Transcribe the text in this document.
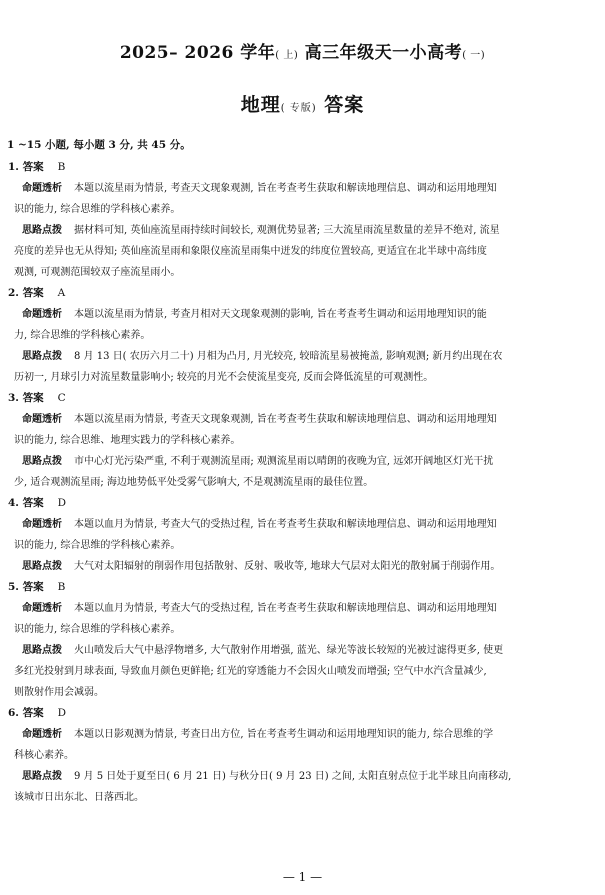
2025– 2026 学年( 上) 高三年级天一小高考( 一)
地理( 专版) 答案
1 ~15 小题, 每小题 3 分, 共 45 分。
1. 答案 B

命题透析 本题以流星雨为情景, 考查天文现象观测, 旨在考查考生获取和解读地理信息、调动和运用地理知

识的能力, 综合思维的学科核心素养。

思路点拨 据材料可知, 英仙座流星雨持续时间较长, 观测优势显著; 三大流星雨流星数量的差异不绝对, 流星

亮度的差异也无从得知; 英仙座流星雨和象限仪座流星雨集中迸发的纬度位置较高, 更适宜在北半球中高纬度

观测, 可观测范围较双子座流星雨小。

2. 答案 A

命题透析 本题以流星雨为情景, 考查月相对天文现象观测的影响, 旨在考查考生调动和运用地理知识的能

力, 综合思维的学科核心素养。

思路点拨 8 月 13 日( 农历六月二十) 月相为凸月, 月光较亮, 较暗流星易被掩盖, 影响观测; 新月约出现在农

历初一, 月球引力对流星数量影响小; 较亮的月光不会使流星变亮, 反而会降低流星的可观测性。

3. 答案 C

命题透析 本题以流星雨为情景, 考查天文现象观测, 旨在考查考生获取和解读地理信息、调动和运用地理知

识的能力, 综合思维、地理实践力的学科核心素养。

思路点拨 市中心灯光污染严重, 不利于观测流星雨; 观测流星雨以晴朗的夜晚为宜, 远郊开阔地区灯光干扰

少, 适合观测流星雨; 海边地势低平处受雾气影响大, 不是观测流星雨的最佳位置。

4. 答案 D

命题透析 本题以血月为情景, 考查大气的受热过程, 旨在考查考生获取和解读地理信息、调动和运用地理知

识的能力, 综合思维的学科核心素养。

思路点拨 大气对太阳辐射的削弱作用包括散射、反射、吸收等, 地球大气层对太阳光的散射属于削弱作用。

5. 答案 B

命题透析 本题以血月为情景, 考查大气的受热过程, 旨在考查考生获取和解读地理信息、调动和运用地理知

识的能力, 综合思维的学科核心素养。

思路点拨 火山喷发后大气中悬浮物增多, 大气散射作用增强, 蓝光、绿光等波长较短的光被过滤得更多, 使更

多红光投射到月球表面, 导致血月颜色更鲜艳; 红光的穿透能力不会因火山喷发而增强; 空气中水汽含量减少,

则散射作用会减弱。

6. 答案 D

命题透析 本题以日影观测为情景, 考查日出方位, 旨在考查考生调动和运用地理知识的能力, 综合思维的学

科核心素养。

思路点拨 9 月 5 日处于夏至日( 6 月 21 日) 与秋分日( 9 月 23 日) 之间, 太阳直射点位于北半球且向南移动,

该城市日出东北、日落西北。

— 1 —
